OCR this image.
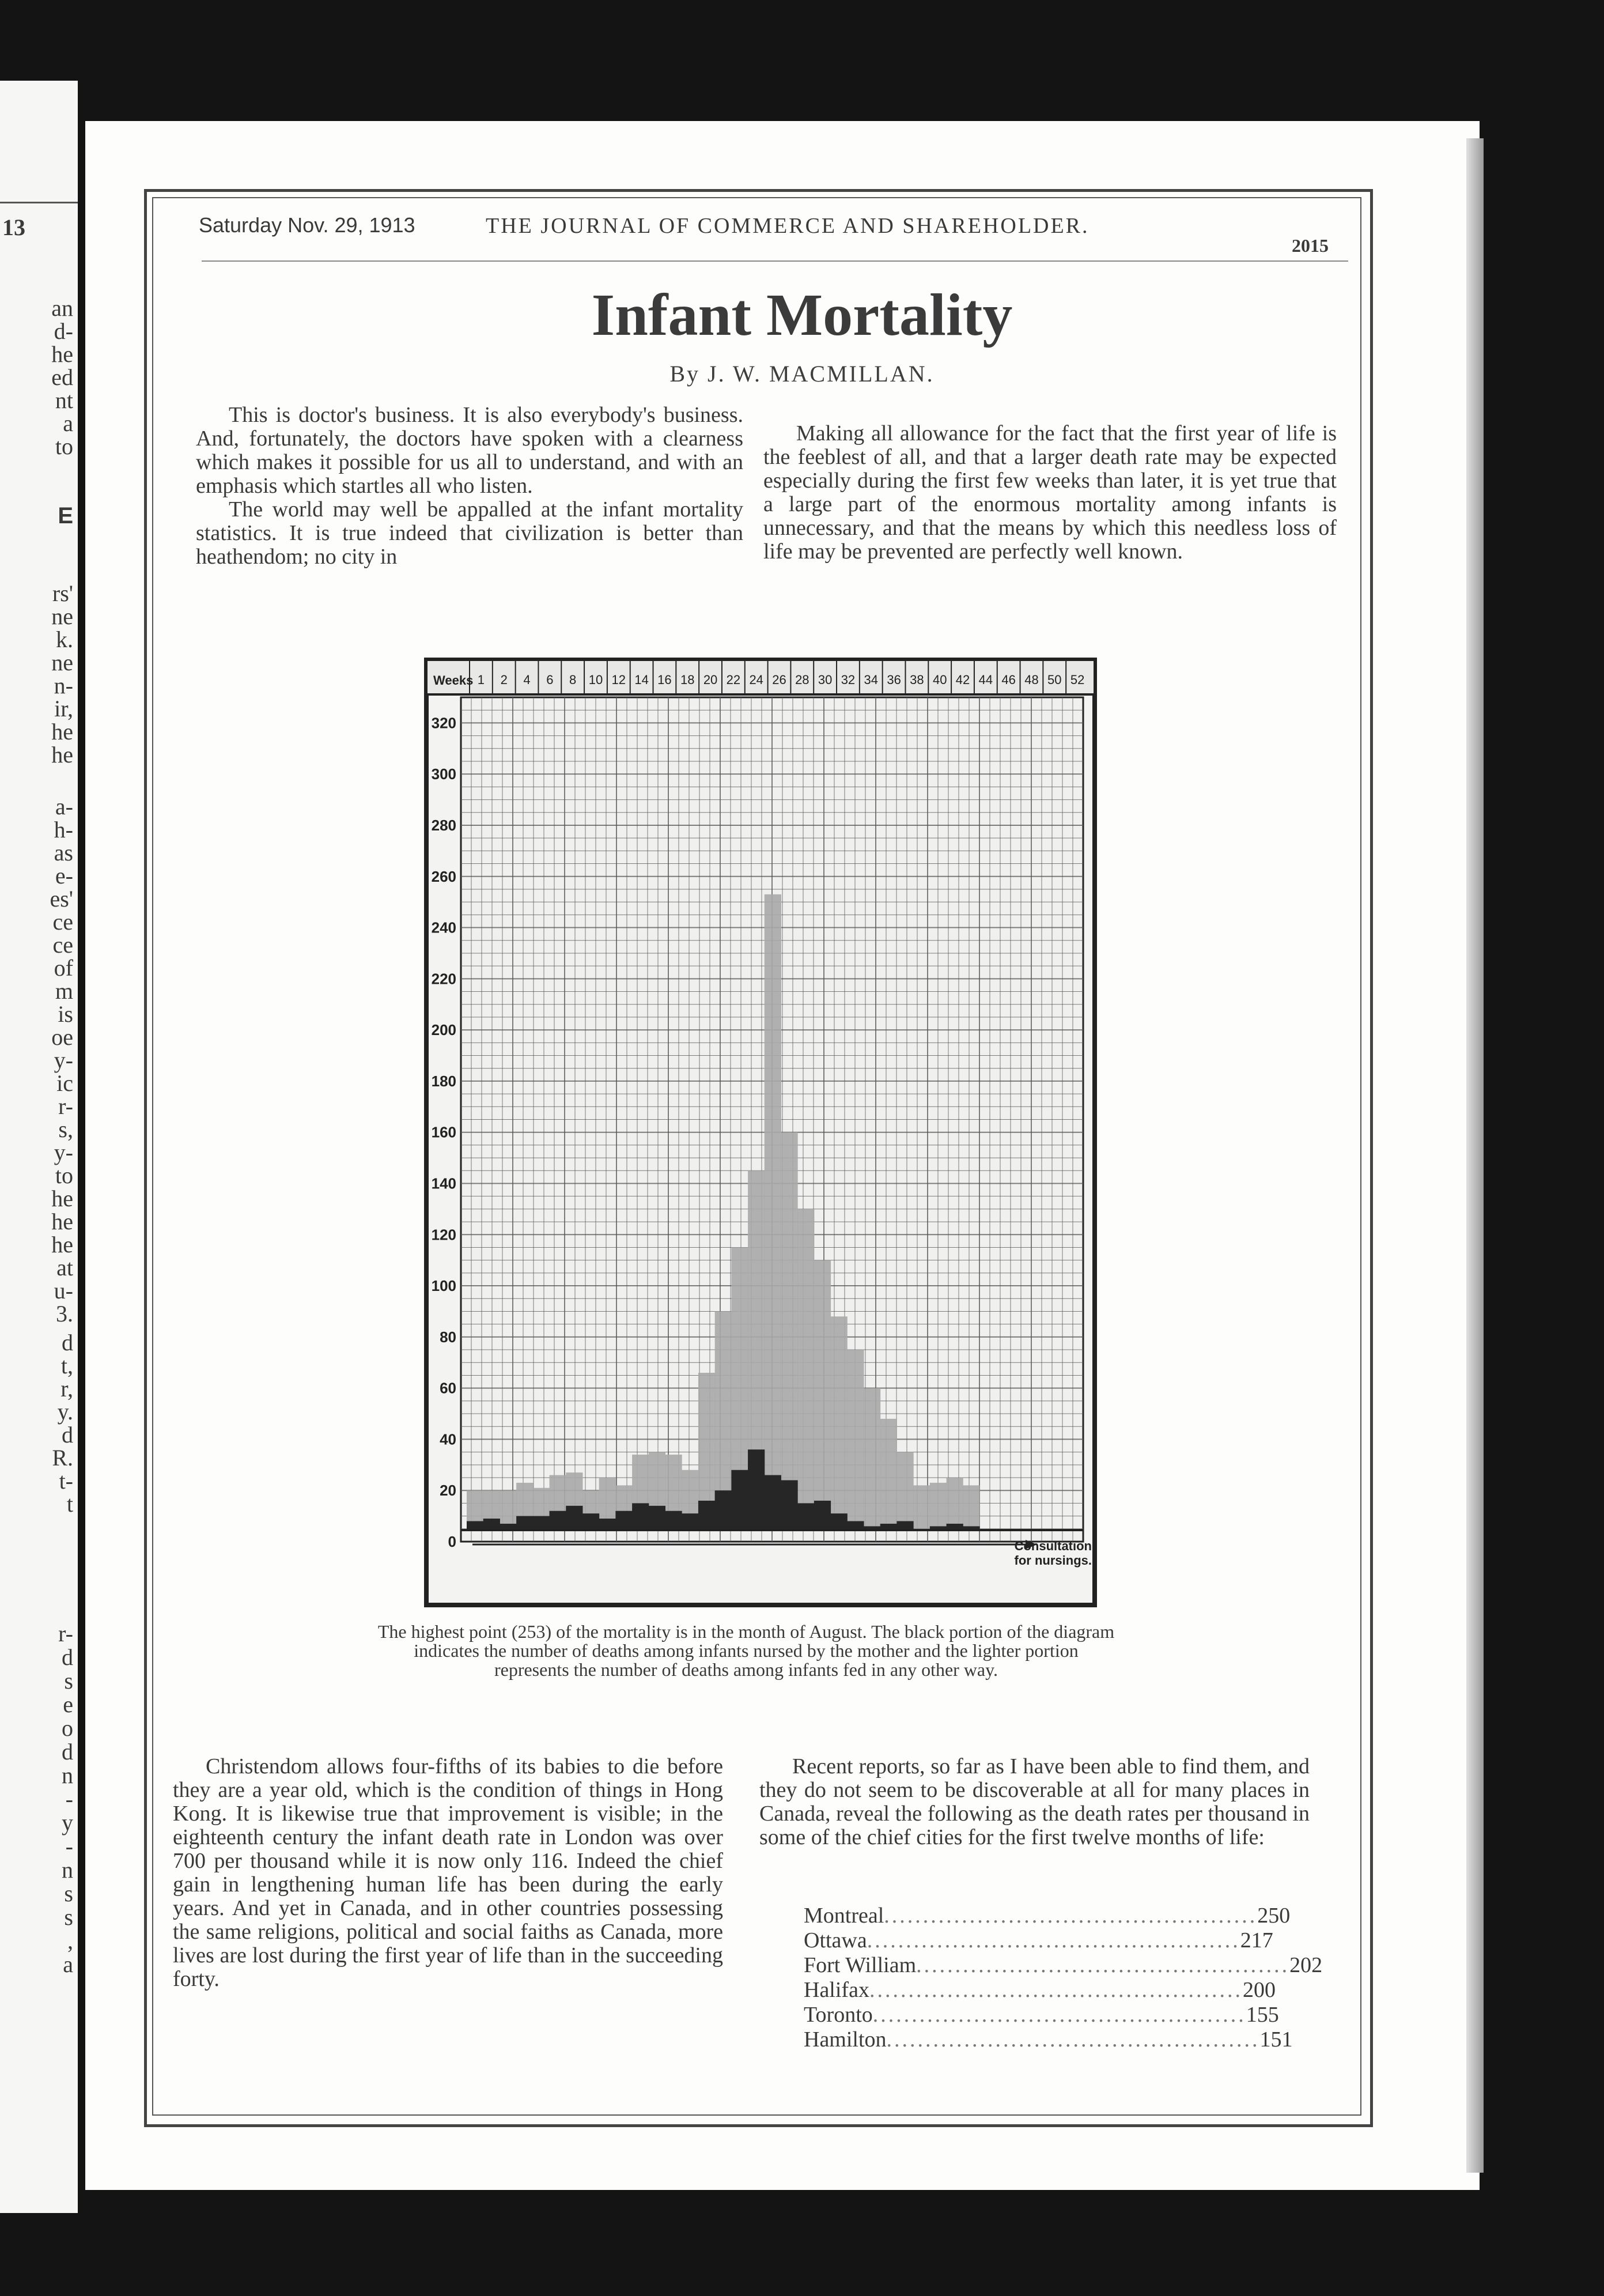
13
an
d-
he
ed
nt
a
to
E
rs'
ne
k.
ne
n-
ir,
he
he
a-
h-
as
e-
es'
ce
ce
of
m
is
oe
y-
ic
r-
s,
y-
to
he
he
he
at
u-
3.
d
t,
r,
y.
d
R.
t-
t
r-
d
s
e
o
d
n
-
y
-
n
s
s
,
a
Saturday Nov. 29, 1913	THE JOURNAL OF COMMERCE AND SHAREHOLDER.
2015
Infant Mortality
By J. W. MACMILLAN.

This is doctor's business. It is also everybody's business. And, fortunately, the doctors have spoken with a clearness which makes it possible for us all to understand, and with an emphasis which startles all who listen.

The world may well be appalled at the infant mortality statistics. It is true indeed that civilization is better than heathendom; no city in

Making all allowance for the fact that the first year of life is the feeblest of all, and that a larger death rate may be expected especially during the first few weeks than later, it is yet true that a large part of the enormous mortality among infants is unnecessary, and that the means by which this needless loss of life may be prevented are perfectly well known.

Weeks 1 2 4 6 8 10 12 14 16 18 20 22 24 26 28 30 32 34 36 38 40 42 44 46 48 50 52
0
20
40
60
80
100
120
140
160
180
200
220
240
260
280
300
320
Consultation
for nursings.
The highest point (253) of the mortality is in the month of August. The black portion of the diagram indicates the number of deaths among infants nursed by the mother and the lighter portion represents the number of deaths among infants fed in any other way.

Christendom allows four-fifths of its babies to die before they are a year old, which is the condition of things in Hong Kong. It is likewise true that improvement is visible; in the eighteenth century the infant death rate in London was over 700 per thousand while it is now only 116. Indeed the chief gain in lengthening human life has been during the early years. And yet in Canada, and in other countries possessing the same religions, political and social faiths as Canada, more lives are lost during the first year of life than in the succeeding forty.

Recent reports, so far as I have been able to find them, and they do not seem to be discoverable at all for many places in Canada, reveal the following as the death rates per thousand in some of the chief cities for the first twelve months of life:

Montreal ................................................ 250
Ottawa ................................................ 217
Fort William ................................................ 202
Halifax ................................................ 200
Toronto ................................................ 155
Hamilton ................................................ 151
